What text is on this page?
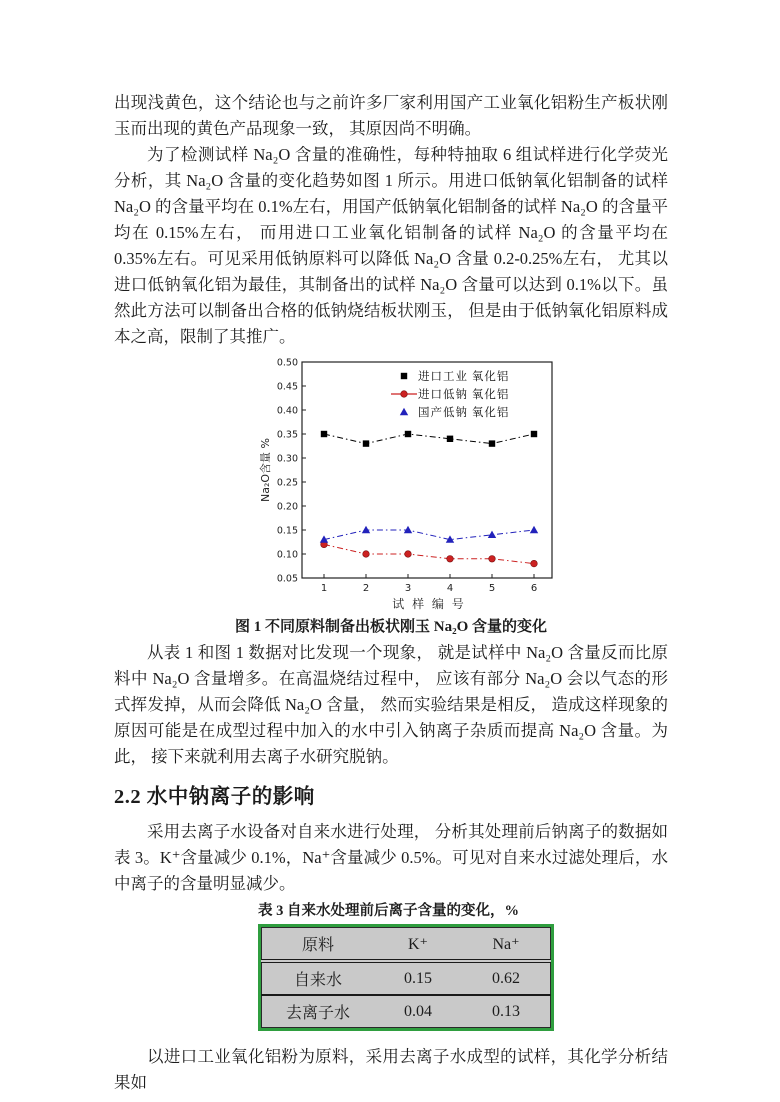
出现浅黄色，这个结论也与之前许多厂家利用国产工业氧化铝粉生产板状刚玉而出现的黄色产品现象一致， 其原因尚不明确。

为了检测试样 Na₂O 含量的准确性，每种特抽取 6 组试样进行化学荧光分析，其 Na₂O 含量的变化趋势如图 1 所示。用进口低钠氧化铝制备的试样 Na₂O 的含量平均在 0.1%左右，用国产低钠氧化铝制备的试样 Na₂O 的含量平均在 0.15%左右， 而用进口工业氧化铝制备的试样 Na₂O 的含量平均在 0.35%左右。可见采用低钠原料可以降低 Na₂O 含量 0.2-0.25%左右， 尤其以进口低钠氧化铝为最佳，其制备出的试样 Na₂O 含量可以达到 0.1%以下。虽然此方法可以制备出合格的低钠烧结板状刚玉， 但是由于低钠氧化铝原料成本之高，限制了其推广。

0.05
0.10
0.15
0.20
0.25
0.30
0.35
0.40
0.45
0.50
1	2	3	4	5	6
试 样 编 号
Na₂O含量 %
进口工业 氧化铝
进口低钠 氧化铝
国产低钠 氧化铝
图 1 不同原料制备出板状刚玉 Na₂O 含量的变化

从表 1 和图 1 数据对比发现一个现象， 就是试样中 Na₂O 含量反而比原料中 Na₂O 含量增多。在高温烧结过程中， 应该有部分 Na₂O 会以气态的形式挥发掉，从而会降低 Na₂O 含量， 然而实验结果是相反， 造成这样现象的原因可能是在成型过程中加入的水中引入钠离子杂质而提高 Na₂O 含量。为此， 接下来就利用去离子水研究脱钠。

2.2 水中钠离子的影响

采用去离子水设备对自来水进行处理， 分析其处理前后钠离子的数据如表 3。K⁺含量减少 0.1%，Na⁺含量减少 0.5%。可见对自来水过滤处理后，水中离子的含量明显减少。

表 3 自来水处理前后离子含量的变化，%
原料	K⁺	Na⁺
自来水	0.15	0.62
去离子水	0.04	0.13

以进口工业氧化铝粉为原料，采用去离子水成型的试样，其化学分析结果如
